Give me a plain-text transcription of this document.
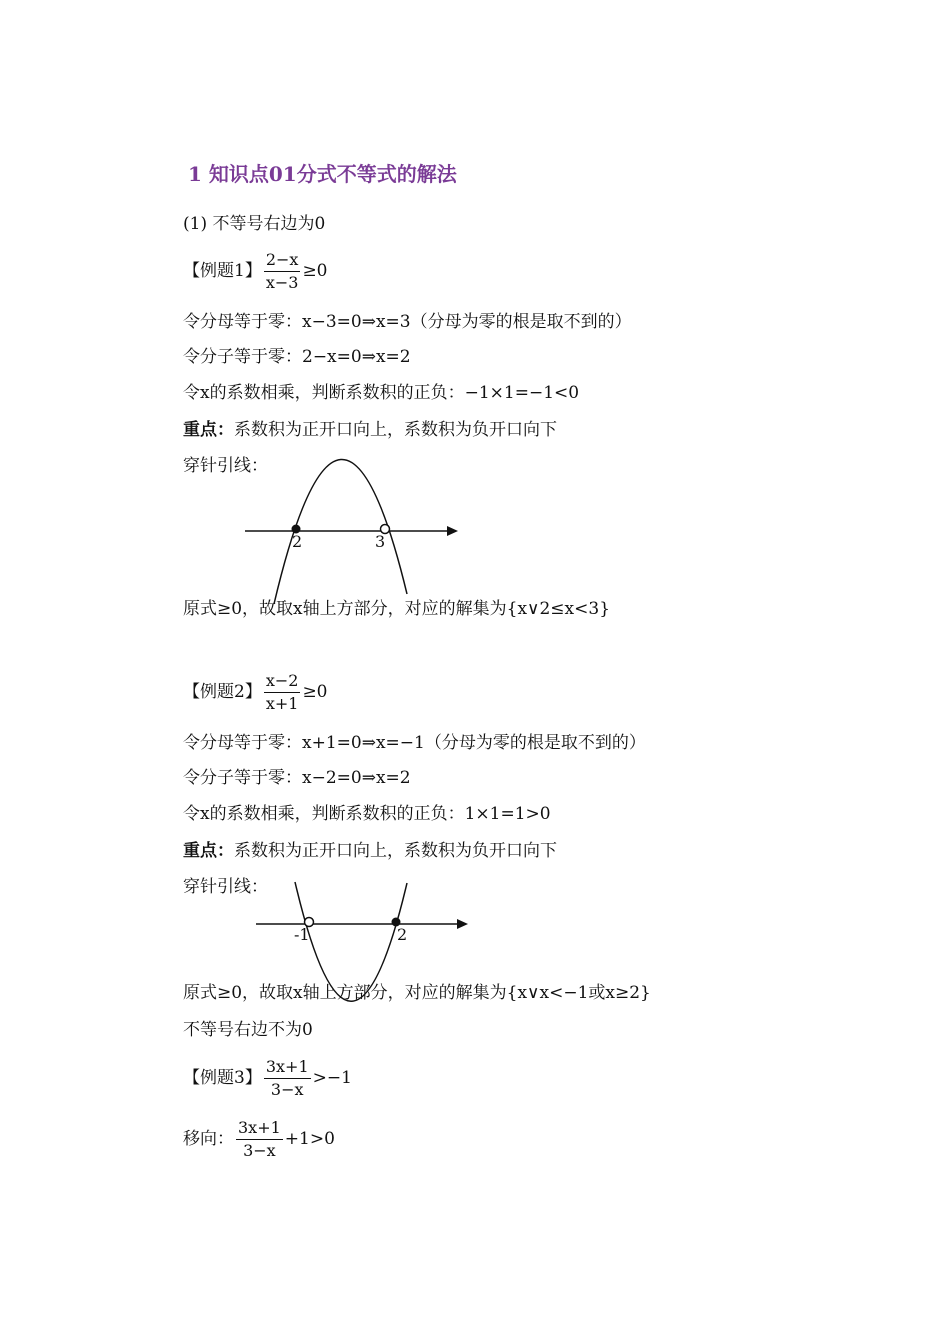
1 知识点01分式不等式的解法
(1) 不等号右边为0
【例题1】 $\frac{2-x}{x-3} \ge 0$
令分母等于零：x−3=0⇒x=3（分母为零的根是取不到的）
令分子等于零：2−x=0⇒x=2
令x的系数相乘，判断系数积的正负：−1×1=−1<0
重点：系数积为正开口向上，系数积为负开口向下
穿针引线：
2	3
原式≥0，故取x轴上方部分，对应的解集为{x∨2≤x<3}
【例题2】 $\frac{x-2}{x+1} \ge 0$
令分母等于零：x+1=0⇒x=−1（分母为零的根是取不到的）
令分子等于零：x−2=0⇒x=2
令x的系数相乘，判断系数积的正负：1×1=1>0
重点：系数积为正开口向上，系数积为负开口向下
穿针引线：
-1	2
原式≥0，故取x轴上方部分，对应的解集为{x∨x<−1或x≥2}
不等号右边不为0
【例题3】 $\frac{3x+1}{3-x} >-1$
移向： $\frac{3x+1}{3-x} +1>0$
